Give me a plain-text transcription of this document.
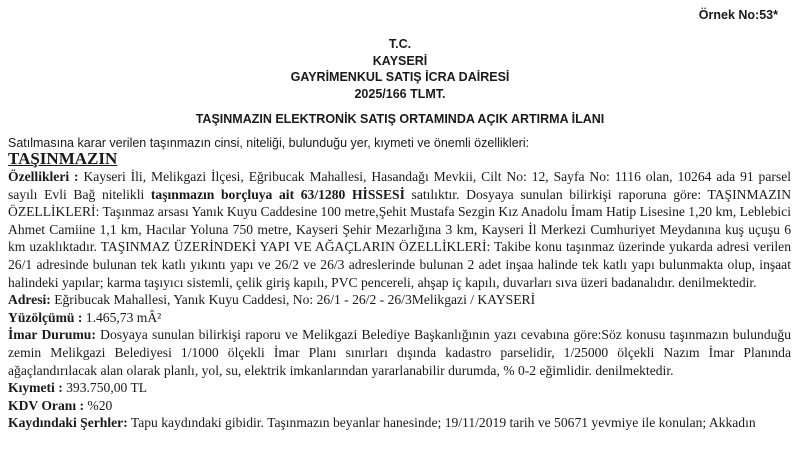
Örnek No:53*
T.C.
KAYSERİ
GAYRİMENKUL SATIŞ İCRA DAİRESİ
2025/166 TLMT.
TAŞINMAZIN ELEKTRONİK SATIŞ ORTAMINDA AÇIK ARTIRMA İLANI
Satılmasına karar verilen taşınmazın cinsi, niteliği, bulunduğu yer, kıymeti ve önemli özellikleri:
TAŞINMAZIN

Özellikleri : Kayseri İli, Melikgazi İlçesi, Eğribucak Mahallesi, Hasandağı Mevkii, Cilt No: 12, Sayfa No: 1116 olan, 10264 ada 91 parsel sayılı Evli Bağ nitelikli taşınmazın borçluya ait 63/1280 HİSSESİ satılıktır. Dosyaya sunulan bilirkişi raporuna göre: TAŞINMAZIN ÖZELLİKLERİ: Taşınmaz arsası Yanık Kuyu Caddesine 100 metre,Şehit Mustafa Sezgin Kız Anadolu İmam Hatip Lisesine 1,20 km, Leblebici Ahmet Camiine 1,1 km, Hacılar Yoluna 750 metre, Kayseri Şehir Mezarlığına 3 km, Kayseri İl Merkezi Cumhuriyet Meydanına kuş uçuşu 6 km uzaklıktadır. TAŞINMAZ ÜZERİNDEKİ YAPI VE AĞAÇLARIN ÖZELLİKLERİ: Takibe konu taşınmaz üzerinde yukarda adresi verilen 26/1 adresinde bulunan tek katlı yıkıntı yapı ve 26/2 ve 26/3 adreslerinde bulunan 2 adet inşaa halinde tek katlı yapı bulunmakta olup, inşaat halindeki yapılar; karma taşıyıcı sistemli, çelik giriş kapılı, PVC pencereli, ahşap iç kapılı, duvarları sıva üzeri badanalıdır. denilmektedir.

Adresi: Eğribucak Mahallesi, Yanık Kuyu Caddesi, No: 26/1 - 26/2 - 26/3Melikgazi / KAYSERİ

Yüzölçümü : 1.465,73 mÂ²

İmar Durumu: Dosyaya sunulan bilirkişi raporu ve Melikgazi Belediye Başkanlığının yazı cevabına göre:Söz konusu taşınmazın bulunduğu zemin Melikgazi Belediyesi 1/1000 ölçekli İmar Planı sınırları dışında kadastro parselidir, 1/25000 ölçekli Nazım İmar Planında ağaçlandırılacak alan olarak planlı, yol, su, elektrik imkanlarından yararlanabilir durumda, % 0-2 eğimlidir. denilmektedir.

Kıymeti : 393.750,00 TL

KDV Oranı : %20

Kaydındaki Şerhler: Tapu kaydındaki gibidir. Taşınmazın beyanlar hanesinde; 19/11/2019 tarih ve 50671 yevmiye ile konulan; Akkadın
